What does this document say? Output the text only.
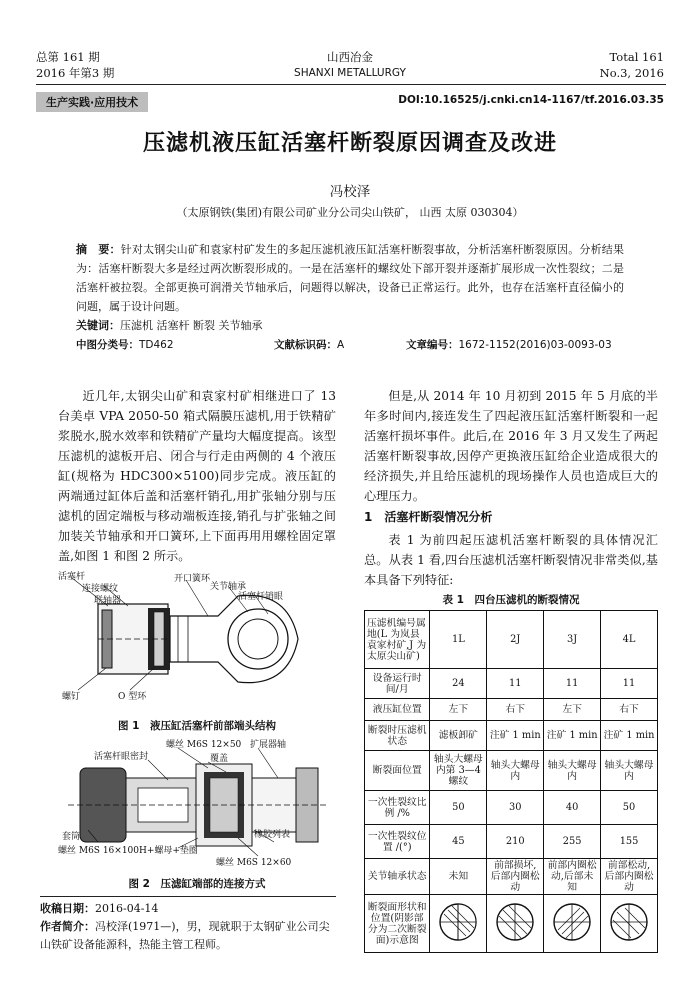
总第 161 期
2016 年第3 期
山西冶金
SHANXI METALLURGY
Total 161
No.3, 2016
生产实践·应用技术	DOI:10.16525/j.cnki.cn14-1167/tf.2016.03.35
压滤机液压缸活塞杆断裂原因调查及改进
冯校泽
（太原钢铁(集团)有限公司矿业分公司尖山铁矿， 山西 太原 030304）
摘　要：针对太钢尖山矿和袁家村矿发生的多起压滤机液压缸活塞杆断裂事故，分析活塞杆断裂原因。分析结果为：活塞杆断裂大多是经过两次断裂形成的。一是在活塞杆的螺纹处下部开裂并逐渐扩展形成一次性裂纹；二是活塞杆被拉裂。全部更换可润滑关节轴承后，问题得以解决，设备已正常运行。此外，也存在活塞杆直径偏小的问题，属于设计问题。
关键词：压滤机 活塞杆 断裂 关节轴承
中图分类号：TD462	文献标识码：A	文章编号：1672-1152(2016)03-0093-03
近几年,太钢尖山矿和袁家村矿相继进口了 13 台美卓 VPA 2050-50 箱式隔膜压滤机,用于铁精矿浆脱水,脱水效率和铁精矿产量均大幅度提高。该型压滤机的滤板开启、闭合与行走由两侧的 4 个液压缸(规格为 HDC300×5100)同步完成。液压缸的两端通过缸体后盖和活塞杆销孔,用扩张轴分别与压滤机的固定端板与移动端板连接,销孔与扩张轴之间加装关节轴承和开口簧环,上下面再用用螺栓固定罩盖,如图 1 和图 2 所示。
活塞杆
连接螺纹
联轴器
开口簧环
关节轴承
活塞杆销眼
螺钉	O 型环
图 1　液压缸活塞杆前部端头结构
螺丝 M6S 12×50 扩展器轴
活塞杆眼密封	覆盖
套筒	橡胶列表
螺丝 M6S 16×100H+螺母+垫圈
螺丝 M6S 12×60
图 2　压滤缸端部的连接方式
收稿日期：2016-04-14
作者简介：冯校泽(1971—)，男，现就职于太钢矿业公司尖山铁矿设备能源科，热能主管工程师。
但是,从 2014 年 10 月初到 2015 年 5 月底的半年多时间内,接连发生了四起液压缸活塞杆断裂和一起活塞杆损坏事件。此后,在 2016 年 3 月又发生了两起活塞杆断裂事故,因停产更换液压缸给企业造成很大的经济损失,并且给压滤机的现场操作人员也造成巨大的心理压力。
1　活塞杆断裂情况分析
表 1 为前四起压滤机活塞杆断裂的具体情况汇总。从表 1 看,四台压滤机活塞杆断裂情况非常类似,基本具备下列特征:
表 1　四台压滤机的断裂情况
压滤机编号属地(L 为岚县袁家村矿,J 为太原尖山矿)	1L	2J	3J	4L
设备运行时间/月	24	11	11	11
液压缸位置	左下	右下	左下	右下
断裂时压滤机状态	滤板卸矿	注矿 1 min	注矿 1 min	注矿 1 min
断裂面位置	轴头大螺母内第 3—4 螺纹	轴头大螺母内	轴头大螺母内	轴头大螺母内
一次性裂纹比例 /%	50	30	40	50
一次性裂纹位置 /(°)	45	210	255	155
关节轴承状态	未知	前部损坏,后部内圈松动	前部内圈松动,后部未知	前部松动,后部内圈松动
断裂面形状和位置(阴影部分为二次断裂面)示意图				
